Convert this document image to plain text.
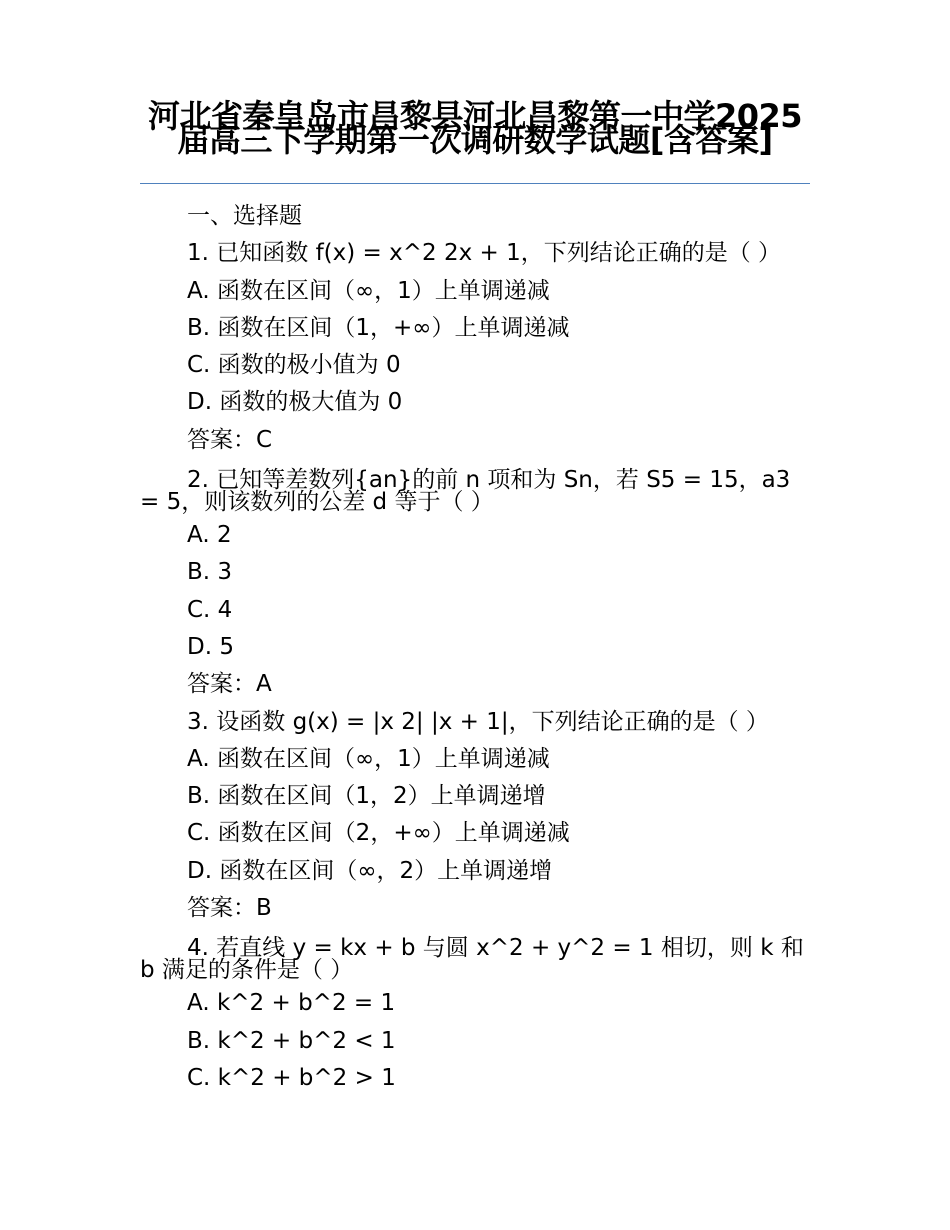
河北省秦皇岛市昌黎县河北昌黎第一中学2025届高三下学期第一次调研数学试题[含答案]
一、选择题
1. 已知函数 f(x) = x^2 2x + 1，下列结论正确的是（ ）
A. 函数在区间（∞，1）上单调递减
B. 函数在区间（1，+∞）上单调递减
C. 函数的极小值为 0
D. 函数的极大值为 0
答案：C
2. 已知等差数列{an}的前 n 项和为 Sn，若 S5 = 15，a3 = 5，则该数列的公差 d 等于（ ）
A. 2
B. 3
C. 4
D. 5
答案：A
3. 设函数 g(x) = |x 2| |x + 1|，下列结论正确的是（ ）
A. 函数在区间（∞，1）上单调递减
B. 函数在区间（1，2）上单调递增
C. 函数在区间（2，+∞）上单调递减
D. 函数在区间（∞，2）上单调递增
答案：B
4. 若直线 y = kx + b 与圆 x^2 + y^2 = 1 相切，则 k 和 b 满足的条件是（ ）
A. k^2 + b^2 = 1
B. k^2 + b^2 < 1
C. k^2 + b^2 > 1
